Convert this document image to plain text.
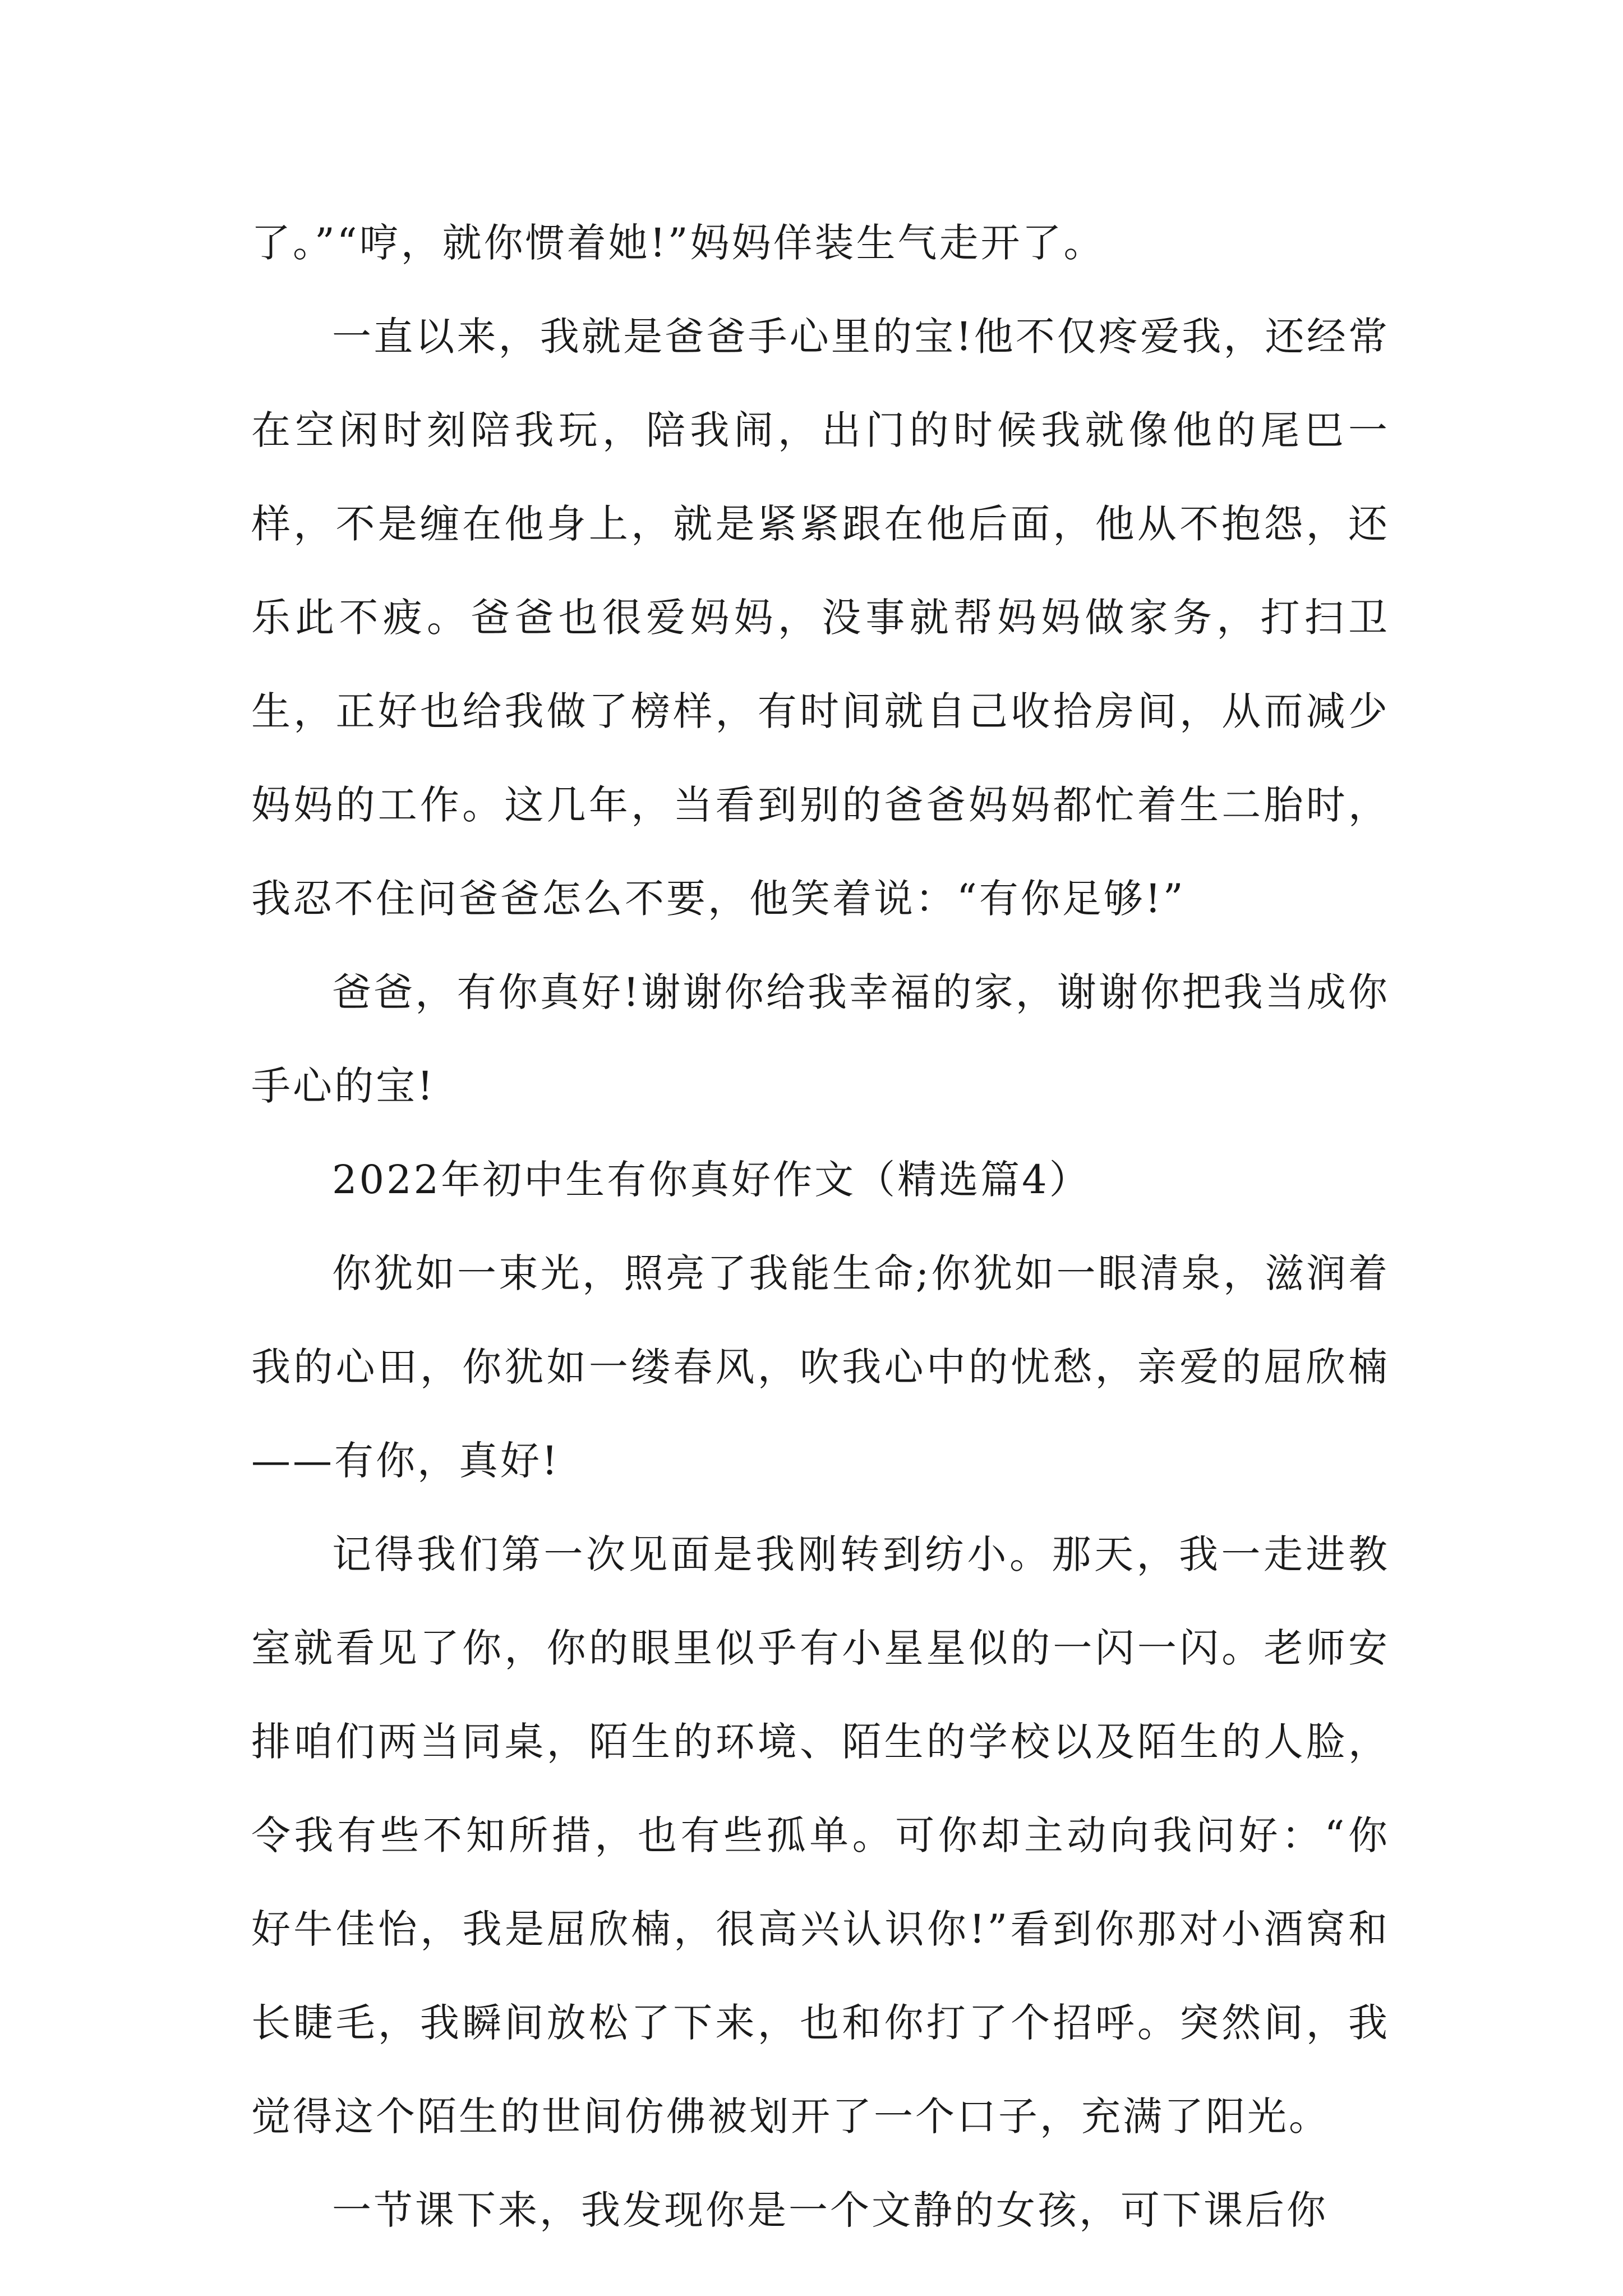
了。”“哼，就你惯着她!”妈妈佯装生气走开了。

一直以来，我就是爸爸手心里的宝!他不仅疼爱我，还经常在空闲时刻陪我玩，陪我闹，出门的时候我就像他的尾巴一样，不是缠在他身上，就是紧紧跟在他后面，他从不抱怨，还乐此不疲。爸爸也很爱妈妈，没事就帮妈妈做家务，打扫卫生，正好也给我做了榜样，有时间就自己收拾房间，从而减少妈妈的工作。这几年，当看到别的爸爸妈妈都忙着生二胎时，我忍不住问爸爸怎么不要，他笑着说：“有你足够!”

爸爸，有你真好!谢谢你给我幸福的家，谢谢你把我当成你手心的宝!

2022年初中生有你真好作文（精选篇4）

你犹如一束光，照亮了我能生命;你犹如一眼清泉，滋润着我的心田，你犹如一缕春风，吹我心中的忧愁，亲爱的屈欣楠——有你，真好!

记得我们第一次见面是我刚转到纺小。那天，我一走进教室就看见了你，你的眼里似乎有小星星似的一闪一闪。老师安排咱们两当同桌，陌生的环境、陌生的学校以及陌生的人脸，令我有些不知所措，也有些孤单。可你却主动向我问好：“你好牛佳怡，我是屈欣楠，很高兴认识你!”看到你那对小酒窝和长睫毛，我瞬间放松了下来，也和你打了个招呼。突然间，我觉得这个陌生的世间仿佛被划开了一个口子，充满了阳光。

一节课下来，我发现你是一个文静的女孩，可下课后你
